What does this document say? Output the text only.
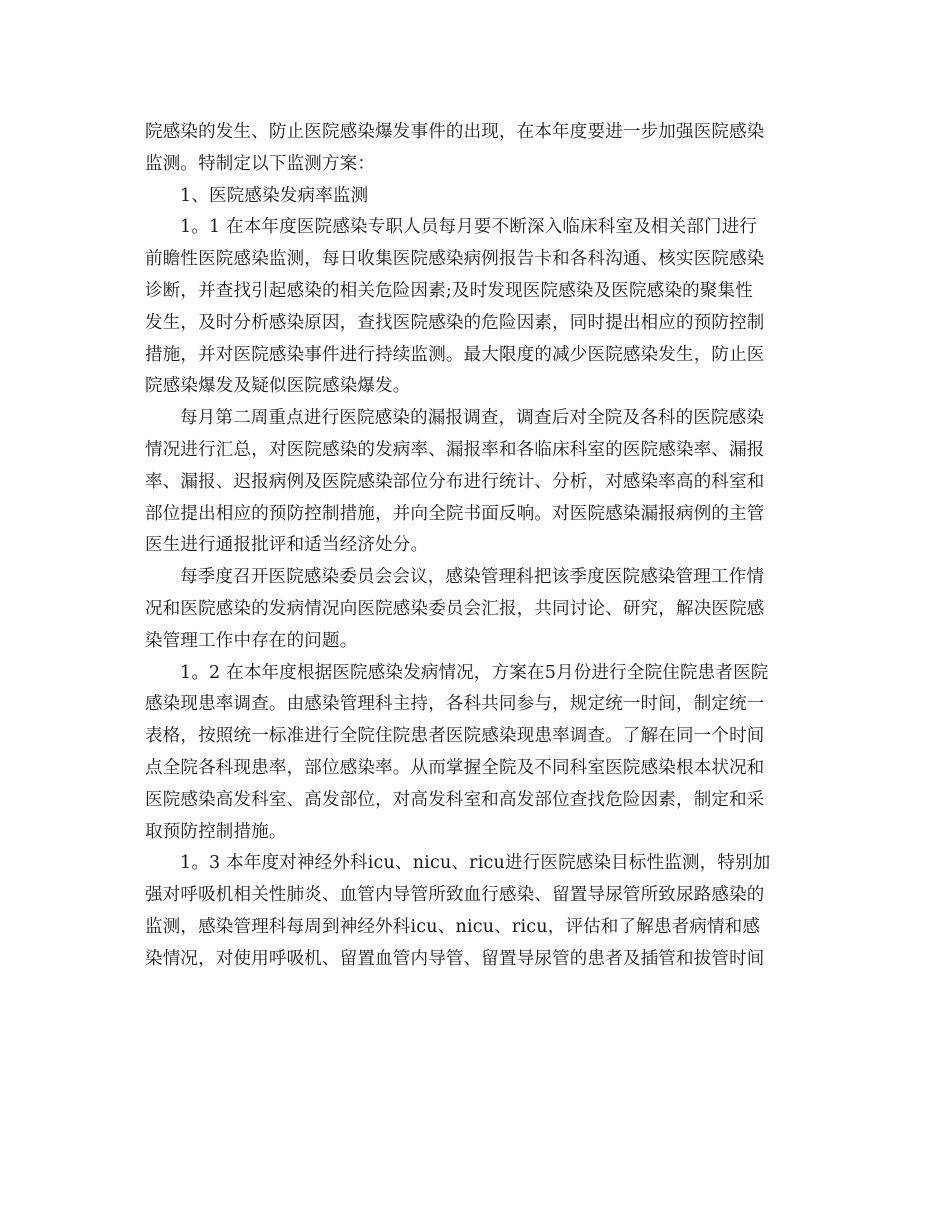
院感染的发生、防止医院感染爆发事件的出现，在本年度要进一步加强医院感染
监测。特制定以下监测方案：
1、医院感染发病率监测
1。1 在本年度医院感染专职人员每月要不断深入临床科室及相关部门进行
前瞻性医院感染监测，每日收集医院感染病例报告卡和各科沟通、核实医院感染
诊断，并查找引起感染的相关危险因素;及时发现医院感染及医院感染的聚集性
发生，及时分析感染原因，查找医院感染的危险因素，同时提出相应的预防控制
措施，并对医院感染事件进行持续监测。最大限度的减少医院感染发生，防止医
院感染爆发及疑似医院感染爆发。
每月第二周重点进行医院感染的漏报调查，调查后对全院及各科的医院感染
情况进行汇总，对医院感染的发病率、漏报率和各临床科室的医院感染率、漏报
率、漏报、迟报病例及医院感染部位分布进行统计、分析，对感染率高的科室和
部位提出相应的预防控制措施，并向全院书面反响。对医院感染漏报病例的主管
医生进行通报批评和适当经济处分。
每季度召开医院感染委员会会议，感染管理科把该季度医院感染管理工作情
况和医院感染的发病情况向医院感染委员会汇报，共同讨论、研究，解决医院感
染管理工作中存在的问题。
1。2 在本年度根据医院感染发病情况，方案在5月份进行全院住院患者医院
感染现患率调查。由感染管理科主持，各科共同参与，规定统一时间，制定统一
表格，按照统一标准进行全院住院患者医院感染现患率调查。了解在同一个时间
点全院各科现患率，部位感染率。从而掌握全院及不同科室医院感染根本状况和
医院感染高发科室、高发部位，对高发科室和高发部位查找危险因素，制定和采
取预防控制措施。
1。3 本年度对神经外科icu、nicu、ricu进行医院感染目标性监测，特别加
强对呼吸机相关性肺炎、血管内导管所致血行感染、留置导尿管所致尿路感染的
监测，感染管理科每周到神经外科icu、nicu、ricu，评估和了解患者病情和感
染情况，对使用呼吸机、留置血管内导管、留置导尿管的患者及插管和拔管时间
